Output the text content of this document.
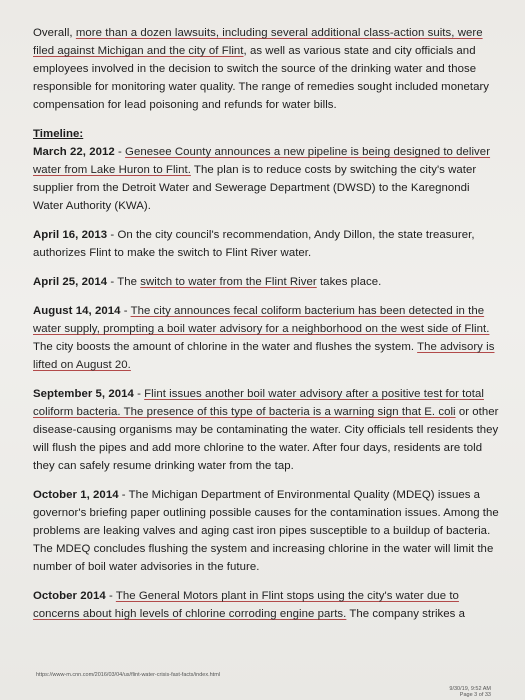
Overall, more than a dozen lawsuits, including several additional class-action suits, were filed against Michigan and the city of Flint, as well as various state and city officials and employees involved in the decision to switch the source of the drinking water and those responsible for monitoring water quality. The range of remedies sought included monetary compensation for lead poisoning and refunds for water bills.

Timeline:

March 22, 2012 - Genesee County announces a new pipeline is being designed to deliver water from Lake Huron to Flint. The plan is to reduce costs by switching the city's water supplier from the Detroit Water and Sewerage Department (DWSD) to the Karegnondi Water Authority (KWA).

April 16, 2013 - On the city council's recommendation, Andy Dillon, the state treasurer, authorizes Flint to make the switch to Flint River water.

April 25, 2014 - The switch to water from the Flint River takes place.

August 14, 2014 - The city announces fecal coliform bacterium has been detected in the water supply, prompting a boil water advisory for a neighborhood on the west side of Flint. The city boosts the amount of chlorine in the water and flushes the system. The advisory is lifted on August 20.

September 5, 2014 - Flint issues another boil water advisory after a positive test for total coliform bacteria. The presence of this type of bacteria is a warning sign that E. coli or other disease-causing organisms may be contaminating the water. City officials tell residents they will flush the pipes and add more chlorine to the water. After four days, residents are told they can safely resume drinking water from the tap.

October 1, 2014 - The Michigan Department of Environmental Quality (MDEQ) issues a governor's briefing paper outlining possible causes for the contamination issues. Among the problems are leaking valves and aging cast iron pipes susceptible to a buildup of bacteria. The MDEQ concludes flushing the system and increasing chlorine in the water will limit the number of boil water advisories in the future.

October 2014 - The General Motors plant in Flint stops using the city's water due to concerns about high levels of chlorine corroding engine parts. The company strikes a

https://www-m.cnn.com/2016/03/04/us/flint-water-crisis-fast-facts/index.html
9/30/19, 9:52 AM
Page 3 of 33
